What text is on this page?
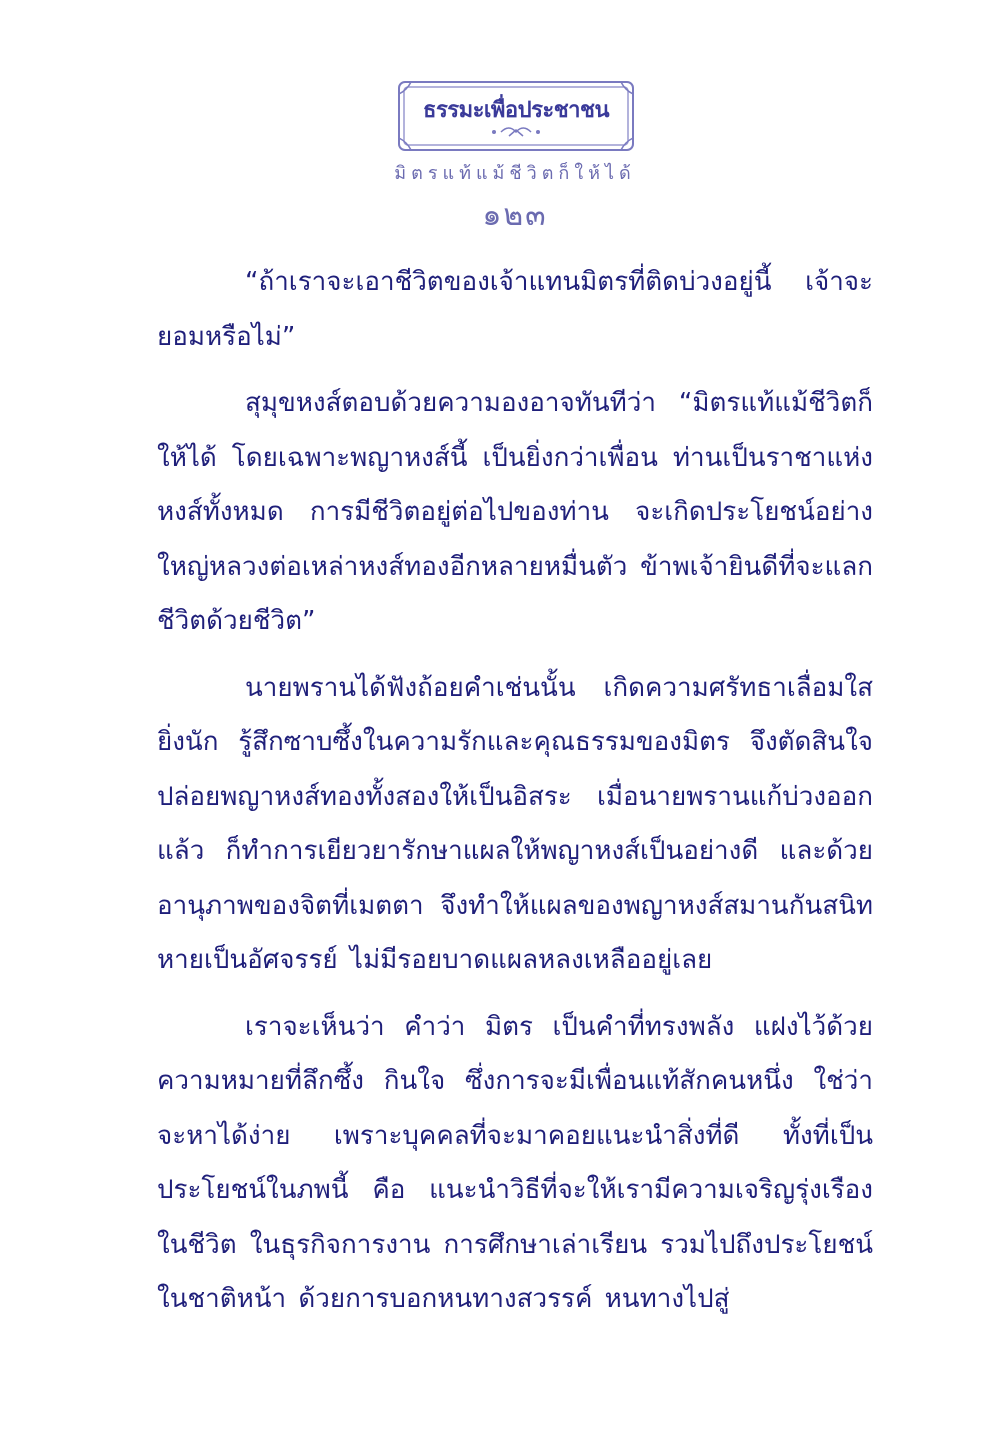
ธรรมะเพื่อประชาชน
มิตรแท้แม้ชีวิตก็ให้ได้
๑๒๓

“ถ้าเราจะเอาชีวิตของเจ้าแทนมิตรที่ติดบ่วงอยู่นี้ เจ้าจะยอมหรือไม่”

สุมุขหงส์ตอบด้วยความองอาจทันทีว่า “มิตรแท้แม้ชีวิตก็ให้ได้ โดยเฉพาะพญาหงส์นี้ เป็นยิ่งกว่าเพื่อน ท่านเป็นราชาแห่งหงส์ทั้งหมด การมีชีวิตอยู่ต่อไปของท่าน จะเกิดประโยชน์อย่างใหญ่หลวงต่อเหล่าหงส์ทองอีกหลายหมื่นตัว ข้าพเจ้ายินดีที่จะแลกชีวิตด้วยชีวิต”

นายพรานได้ฟังถ้อยคำเช่นนั้น เกิดความศรัทธาเลื่อมใสยิ่งนัก รู้สึกซาบซึ้งในความรักและคุณธรรมของมิตร จึงตัดสินใจปล่อยพญาหงส์ทองทั้งสองให้เป็นอิสระ เมื่อนายพรานแก้บ่วงออกแล้ว ก็ทำการเยียวยารักษาแผลให้พญาหงส์เป็นอย่างดี และด้วยอานุภาพของจิตที่เมตตา จึงทำให้แผลของพญาหงส์สมานกันสนิท หายเป็นอัศจรรย์ ไม่มีรอยบาดแผลหลงเหลืออยู่เลย

เราจะเห็นว่า คำว่า มิตร เป็นคำที่ทรงพลัง แฝงไว้ด้วยความหมายที่ลึกซึ้ง กินใจ ซึ่งการจะมีเพื่อนแท้สักคนหนึ่ง ใช่ว่าจะหาได้ง่าย เพราะบุคคลที่จะมาคอยแนะนำสิ่งที่ดี ทั้งที่เป็นประโยชน์ในภพนี้ คือ แนะนำวิธีที่จะให้เรามีความเจริญรุ่งเรืองในชีวิต ในธุรกิจการงาน การศึกษาเล่าเรียน รวมไปถึงประโยชน์ในชาติหน้า ด้วยการบอกหนทางสวรรค์ หนทางไปสู่
